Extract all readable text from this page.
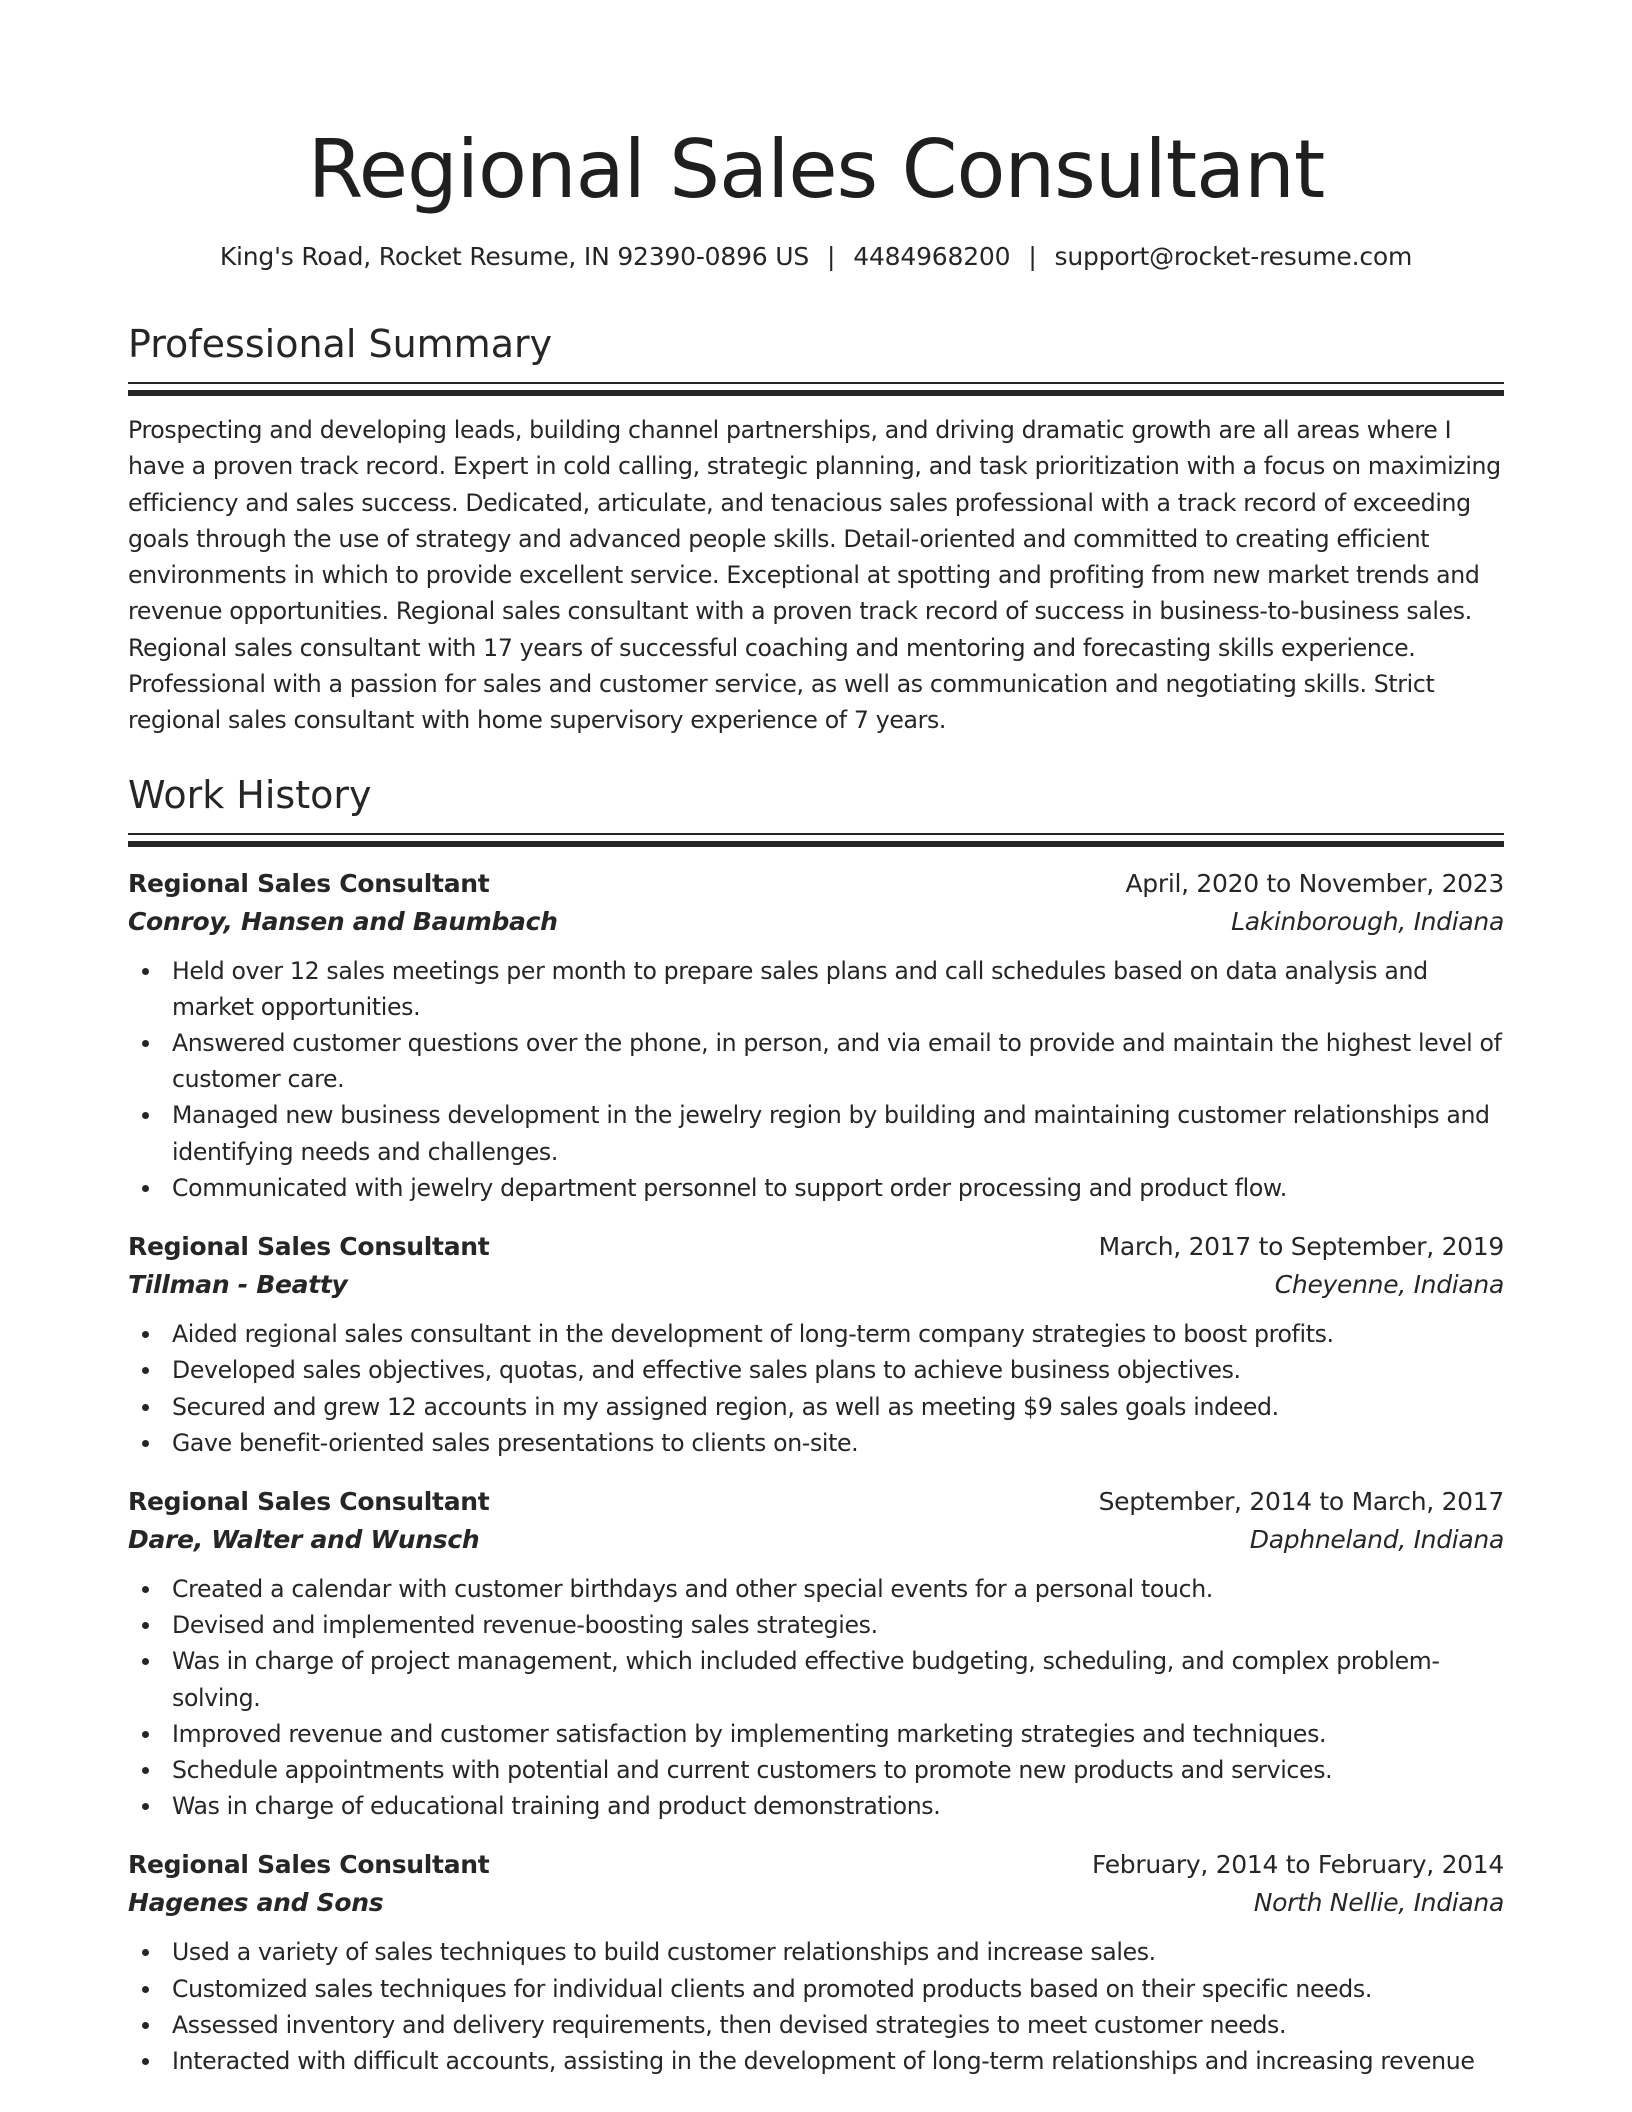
Regional Sales Consultant
King's Road, Rocket Resume, IN 92390-0896 US | 4484968200 | support@rocket-resume.com
Professional Summary
Prospecting and developing leads, building channel partnerships, and driving dramatic growth are all areas where I have a proven track record. Expert in cold calling, strategic planning, and task prioritization with a focus on maximizing efficiency and sales success. Dedicated, articulate, and tenacious sales professional with a track record of exceeding goals through the use of strategy and advanced people skills. Detail-oriented and committed to creating efficient environments in which to provide excellent service. Exceptional at spotting and profiting from new market trends and revenue opportunities. Regional sales consultant with a proven track record of success in business-to-business sales. Regional sales consultant with 17 years of successful coaching and mentoring and forecasting skills experience. Professional with a passion for sales and customer service, as well as communication and negotiating skills. Strict regional sales consultant with home supervisory experience of 7 years.
Work History
Regional Sales Consultant	April, 2020 to November, 2023
Conroy, Hansen and Baumbach	Lakinborough, Indiana
Held over 12 sales meetings per month to prepare sales plans and call schedules based on data analysis and market opportunities.
Answered customer questions over the phone, in person, and via email to provide and maintain the highest level of customer care.
Managed new business development in the jewelry region by building and maintaining customer relationships and identifying needs and challenges.
Communicated with jewelry department personnel to support order processing and product flow.
Regional Sales Consultant	March, 2017 to September, 2019
Tillman - Beatty	Cheyenne, Indiana
Aided regional sales consultant in the development of long-term company strategies to boost profits.
Developed sales objectives, quotas, and effective sales plans to achieve business objectives.
Secured and grew 12 accounts in my assigned region, as well as meeting $9 sales goals indeed.
Gave benefit-oriented sales presentations to clients on-site.
Regional Sales Consultant	September, 2014 to March, 2017
Dare, Walter and Wunsch	Daphneland, Indiana
Created a calendar with customer birthdays and other special events for a personal touch.
Devised and implemented revenue-boosting sales strategies.
Was in charge of project management, which included effective budgeting, scheduling, and complex problem-solving.
Improved revenue and customer satisfaction by implementing marketing strategies and techniques.
Schedule appointments with potential and current customers to promote new products and services.
Was in charge of educational training and product demonstrations.
Regional Sales Consultant	February, 2014 to February, 2014
Hagenes and Sons	North Nellie, Indiana
Used a variety of sales techniques to build customer relationships and increase sales.
Customized sales techniques for individual clients and promoted products based on their specific needs.
Assessed inventory and delivery requirements, then devised strategies to meet customer needs.
Interacted with difficult accounts, assisting in the development of long-term relationships and increasing revenue
